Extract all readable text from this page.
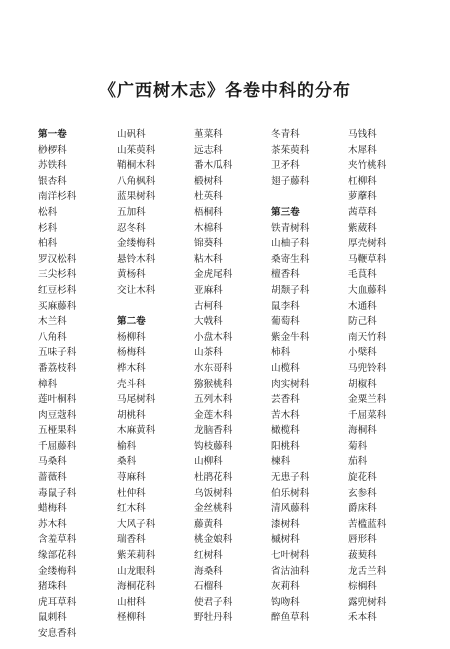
《广西树木志》各卷中科的分布
第一卷
桫椤科
苏铁科
银杏科
南洋杉科
松科
杉科
柏科
罗汉松科
三尖杉科
红豆杉科
买麻藤科
木兰科
八角科
五味子科
番荔枝科
樟科
莲叶桐科
肉豆蔻科
五桠果科
千屈藤科
马桑科
蔷薇科
毒鼠子科
蜡梅科
苏木科
含羞草科
缘部花科
金缕梅科
猪珠科
虎耳草科
鼠刺科
安息香科
山矾科
山茱萸科
鞘桐木科
八角枫科
蓝果树科
五加科
忍冬科
金缕梅科
悬铃木科
黄杨科
交让木科
第二卷
杨柳科
杨梅科
桦木科
壳斗科
马尾树科
胡桃科
木麻黄科
榆科
桑科
荨麻科
杜仲科
红木科
大风子科
瑞香科
紫茉莉科
山龙眼科
海桐花科
山柑科
柽柳科
堇菜科
远志科
番木瓜科
椴树科
杜英科
梧桐科
木棉科
锦葵科
粘木科
金虎尾科
亚麻科
古柯科
大戟科
小盘木科
山茶科
水东哥科
猕猴桃科
五列木科
金莲木科
龙脑香科
钩枝藤科
山柳科
杜鹃花科
乌饭树科
金丝桃科
藤黄科
桃金娘科
红树科
海桑科
石榴科
使君子科
野牡丹科
冬青科
茶茱萸科
卫矛科
翅子藤科
第三卷
铁青树科
山柚子科
桑寄生科
檀香科
胡颓子科
鼠李科
葡萄科
紫金牛科
柿科
山榄科
肉实树科
芸香科
苦木科
橄榄科
阳桃科
楝科
无患子科
伯乐树科
清风藤科
漆树科
槭树科
七叶树科
省沽油科
灰莉科
钩吻科
醉鱼草科
马钱科
木犀科
夹竹桃科
杠柳科
萝藦科
茜草科
紫葳科
厚壳树科
马鞭草科
毛茛科
大血藤科
木通科
防己科
南天竹科
小檗科
马兜铃科
胡椒科
金粟兰科
千屈菜科
海桐科
菊科
茄科
旋花科
玄参科
爵床科
苦槛蓝科
唇形科
菝葜科
龙舌兰科
棕榈科
露兜树科
禾本科
